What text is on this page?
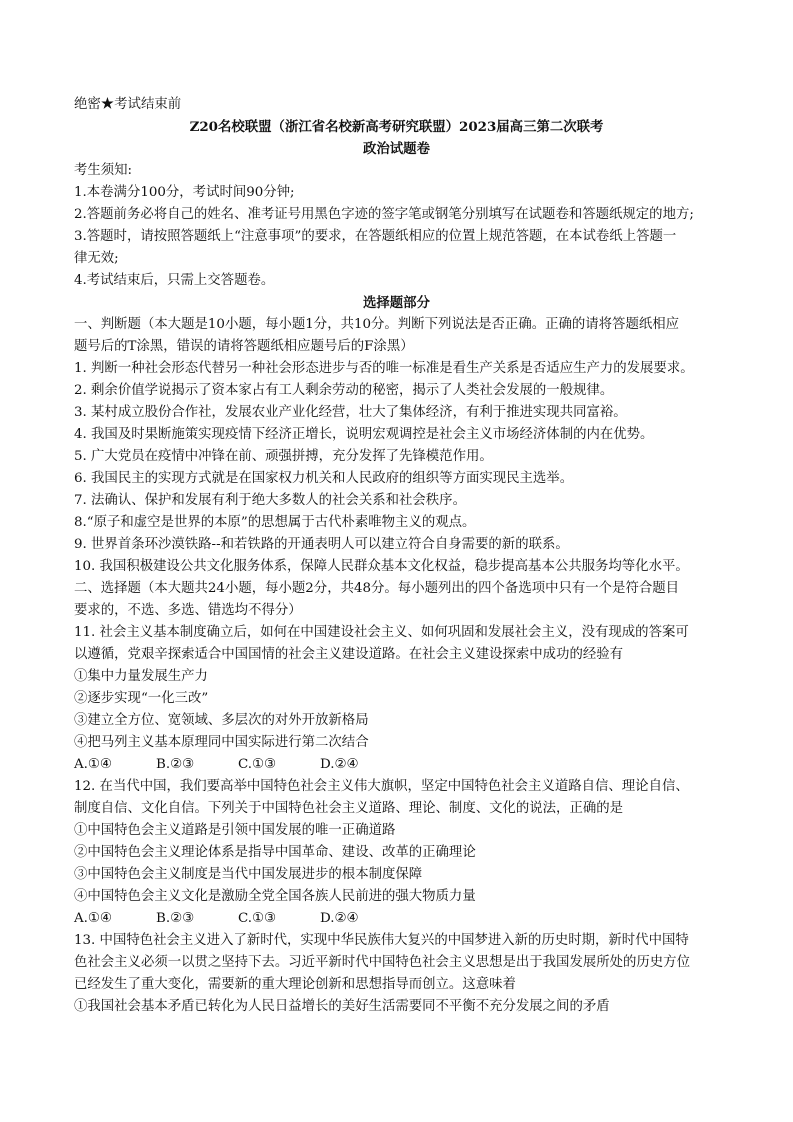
绝密★考试结束前
Z20名校联盟（浙江省名校新高考研究联盟）2023届高三第二次联考
政治试题卷
考生须知:
1.本卷满分100分，考试时间90分钟;
2.答题前务必将自己的姓名、准考证号用黑色字迹的签字笔或钢笔分别填写在试题卷和答题纸规定的地方;
3.答题时，请按照答题纸上“注意事项”的要求，在答题纸相应的位置上规范答题，在本试卷纸上答题一
律无效;
4.考试结束后，只需上交答题卷。
选择题部分
一、判断题（本大题是10小题，每小题1分，共10分。判断下列说法是否正确。正确的请将答题纸相应
题号后的T涂黑，错误的请将答题纸相应题号后的F涂黑）
1. 判断一种社会形态代替另一种社会形态进步与否的唯一标准是看生产关系是否适应生产力的发展要求。
2. 剩余价值学说揭示了资本家占有工人剩余劳动的秘密，揭示了人类社会发展的一般规律。
3. 某村成立股份合作社，发展农业产业化经营，壮大了集体经济，有利于推进实现共同富裕。
4. 我国及时果断施策实现疫情下经济正增长，说明宏观调控是社会主义市场经济体制的内在优势。
5. 广大党员在疫情中冲锋在前、顽强拼搏，充分发挥了先锋模范作用。
6. 我国民主的实现方式就是在国家权力机关和人民政府的组织等方面实现民主选举。
7. 法确认、保护和发展有利于绝大多数人的社会关系和社会秩序。
8.“原子和虚空是世界的本原”的思想属于古代朴素唯物主义的观点。
9. 世界首条环沙漠铁路--和若铁路的开通表明人可以建立符合自身需要的新的联系。
10. 我国积极建设公共文化服务体系，保障人民群众基本文化权益，稳步提高基本公共服务均等化水平。
二、选择题（本大题共24小题，每小题2分，共48分。每小题列出的四个备选项中只有一个是符合题目
要求的，不选、多选、错选均不得分）
11. 社会主义基本制度确立后，如何在中国建设社会主义、如何巩固和发展社会主义，没有现成的答案可
以遵循，党艰辛探索适合中国国情的社会主义建设道路。在社会主义建设探索中成功的经验有
①集中力量发展生产力
②逐步实现“一化三改”
③建立全方位、宽领域、多层次的对外开放新格局
④把马列主义基本原理同中国实际进行第二次结合
A.①④	B.②③	C.①③	D.②④
12. 在当代中国，我们要高举中国特色社会主义伟大旗帜，坚定中国特色社会主义道路自信、理论自信、
制度自信、文化自信。下列关于中国特色社会主义道路、理论、制度、文化的说法，正确的是
①中国特色会主义道路是引领中国发展的唯一正确道路
②中国特色会主义理论体系是指导中国革命、建设、改革的正确理论
③中国特色会主义制度是当代中国发展进步的根本制度保障
④中国特色会主义文化是激励全党全国各族人民前进的强大物质力量
A.①④	B.②③	C.①③	D.②④
13. 中国特色社会主义进入了新时代，实现中华民族伟大复兴的中国梦进入新的历史时期，新时代中国特
色社会主义必须一以贯之坚持下去。习近平新时代中国特色社会主义思想是出于我国发展所处的历史方位
已经发生了重大变化，需要新的重大理论创新和思想指导而创立。这意味着
①我国社会基本矛盾已转化为人民日益增长的美好生活需要同不平衡不充分发展之间的矛盾
